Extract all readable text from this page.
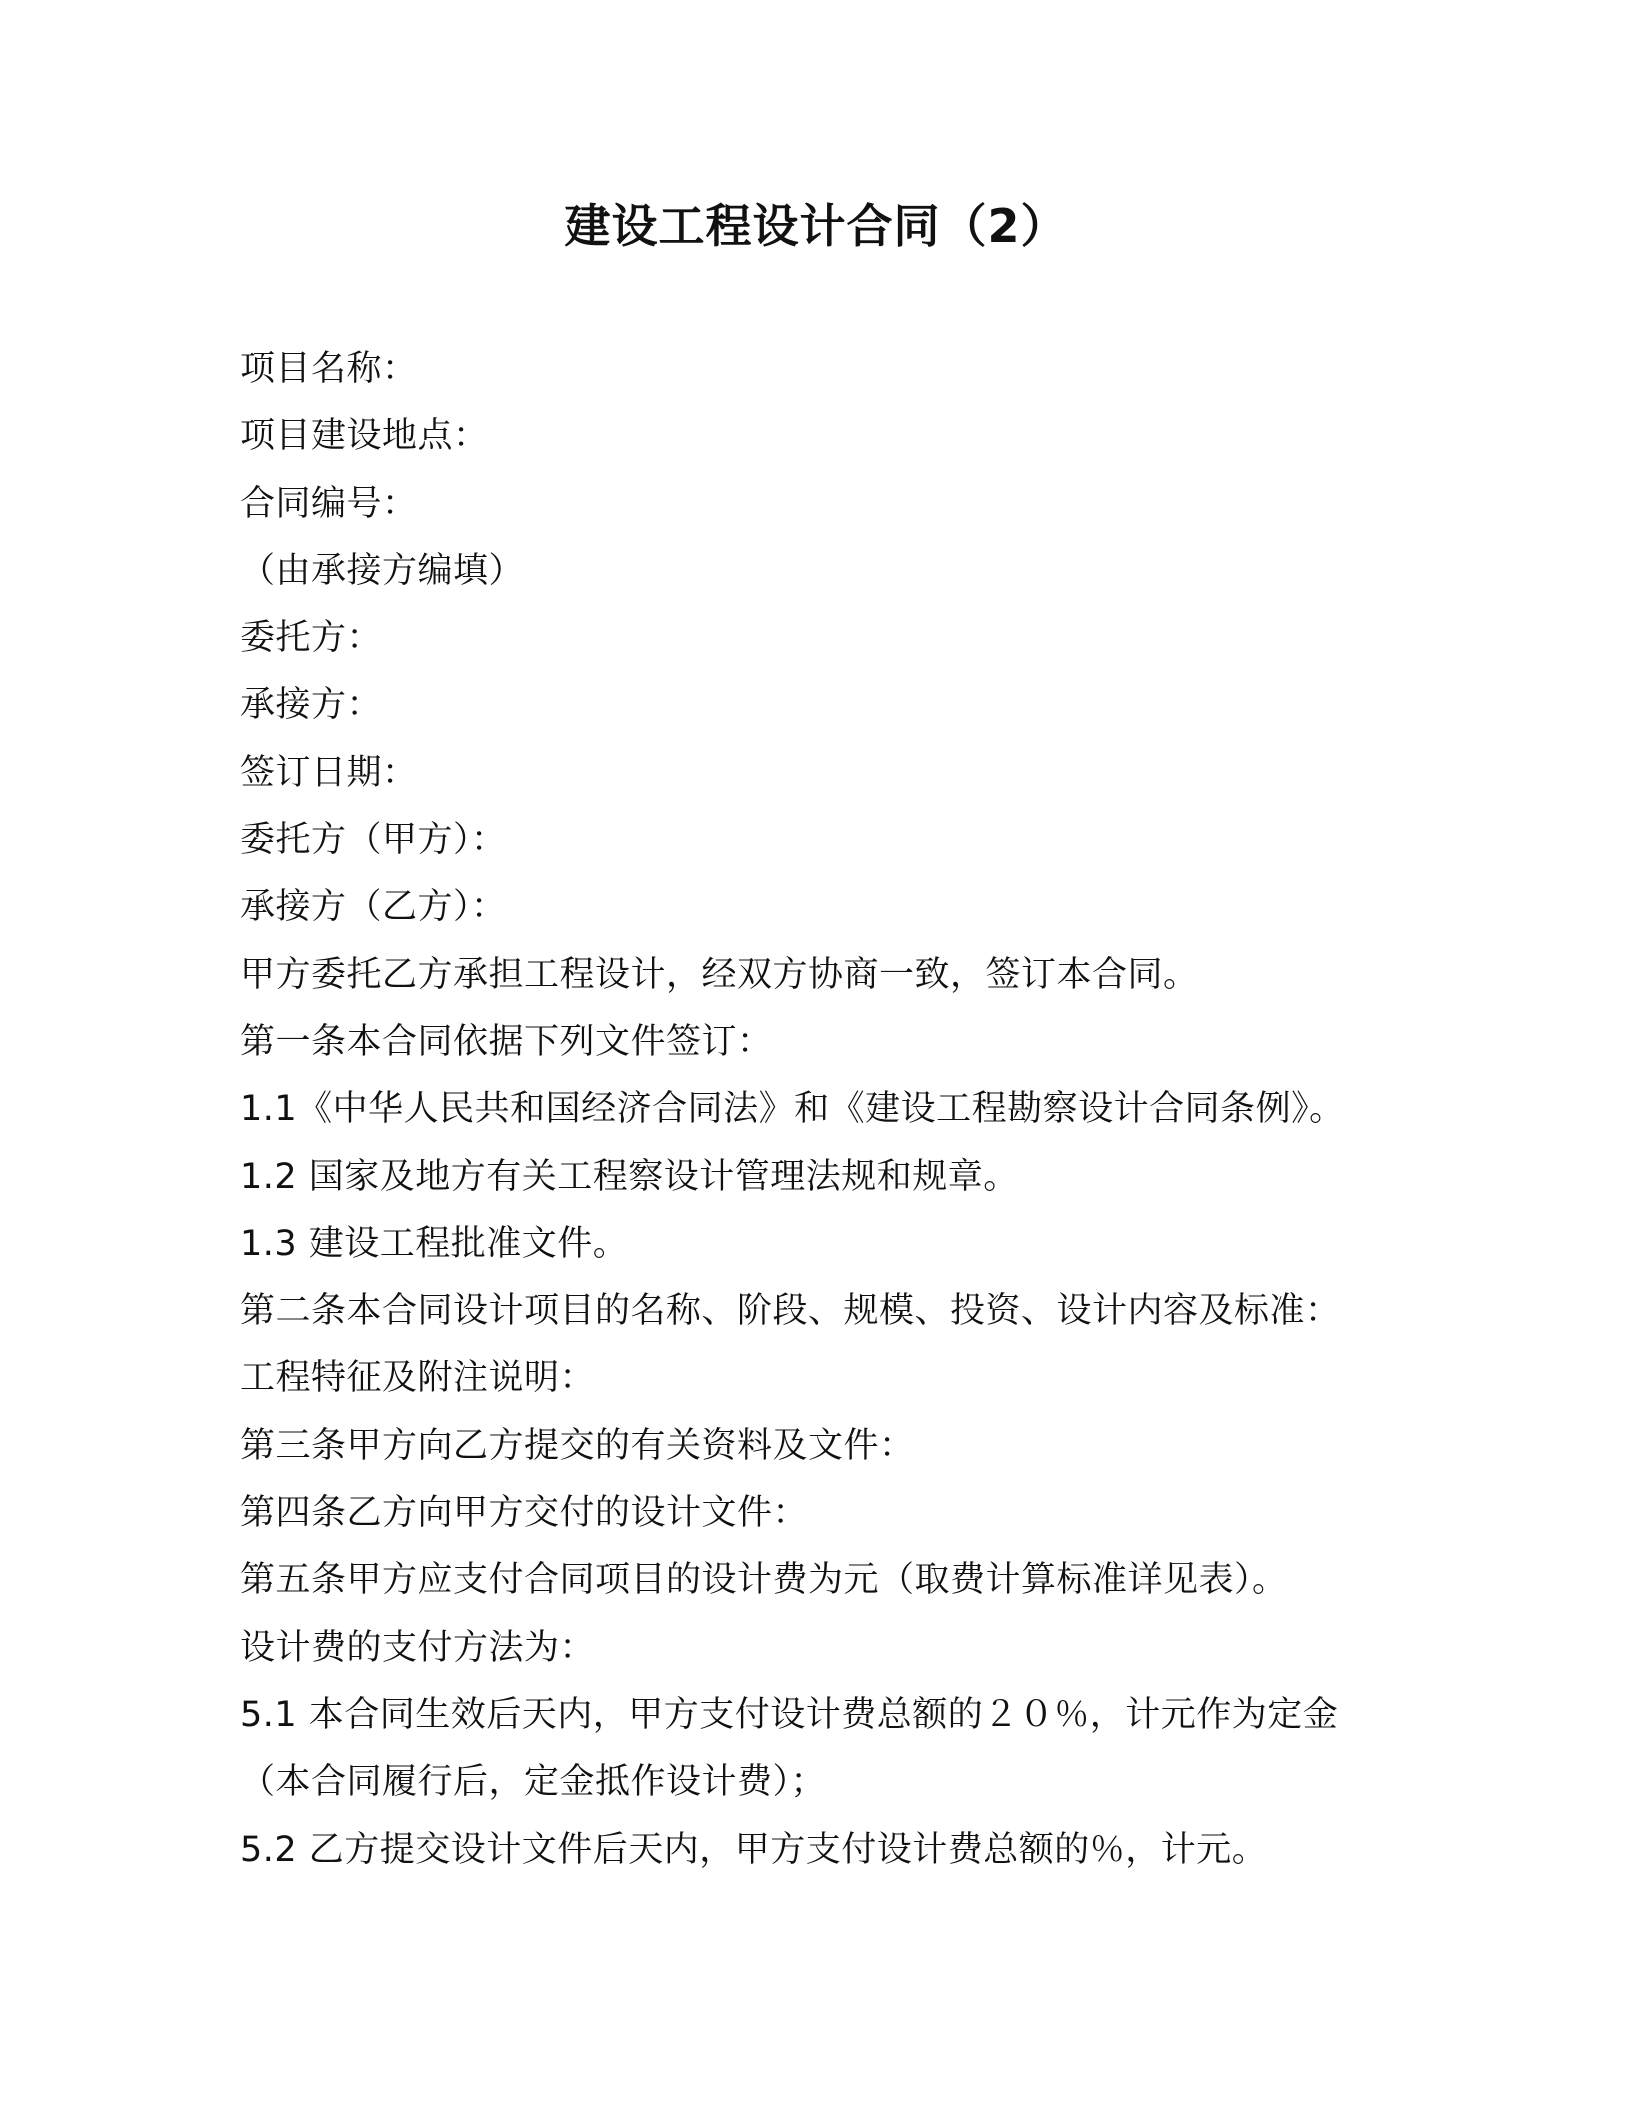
建设工程设计合同（2）
项目名称：
项目建设地点：
合同编号：
（由承接方编填）
委托方：
承接方：
签订日期：
委托方（甲方）：
承接方（乙方）：
甲方委托乙方承担工程设计，经双方协商一致，签订本合同。
第一条本合同依据下列文件签订：
1.1《中华人民共和国经济合同法》和《建设工程勘察设计合同条例》。
1.2 国家及地方有关工程察设计管理法规和规章。
1.3 建设工程批准文件。
第二条本合同设计项目的名称、阶段、规模、投资、设计内容及标准：
工程特征及附注说明：
第三条甲方向乙方提交的有关资料及文件：
第四条乙方向甲方交付的设计文件：
第五条甲方应支付合同项目的设计费为元（取费计算标准详见表）。
设计费的支付方法为：
5.1 本合同生效后天内，甲方支付设计费总额的２０％，计元作为定金
（本合同履行后，定金抵作设计费）；
5.2 乙方提交设计文件后天内，甲方支付设计费总额的％，计元。
